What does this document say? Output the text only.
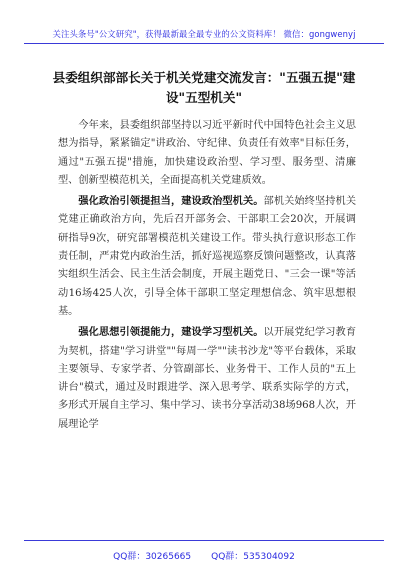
关注头条号"公文研究"，获得最新最全最专业的公文资料库！ 微信：gongwenyj
县委组织部部长关于机关党建交流发言："五强五提"建
设"五型机关"

今年来，县委组织部坚持以习近平新时代中国特色社会主义思想为指导，紧紧锚定"讲政治、守纪律、负责任有效率"目标任务，通过"五强五提"措施，加快建设政治型、学习型、服务型、清廉型、创新型模范机关，全面提高机关党建质效。

强化政治引领提担当，建设政治型机关。部机关始终坚持机关党建正确政治方向，先后召开部务会、干部职工会20次，开展调研指导9次，研究部署模范机关建设工作。带头执行意识形态工作责任制，严肃党内政治生活，抓好巡视巡察反馈问题整改，认真落实组织生活会、民主生活会制度，开展主题党日、"三会一课"等活动16场425人次，引导全体干部职工坚定理想信念、筑牢思想根基。

强化思想引领提能力，建设学习型机关。以开展党纪学习教育为契机，搭建"学习讲堂""每周一学""读书沙龙"等平台载体，采取主要领导、专家学者、分管副部长、业务骨干、工作人员的"五上讲台"模式，通过及时跟进学、深入思考学、联系实际学的方式，多形式开展自主学习、集中学习、读书分享活动38场968人次，开展理论学

QQ群：30265665 QQ群：535304092
